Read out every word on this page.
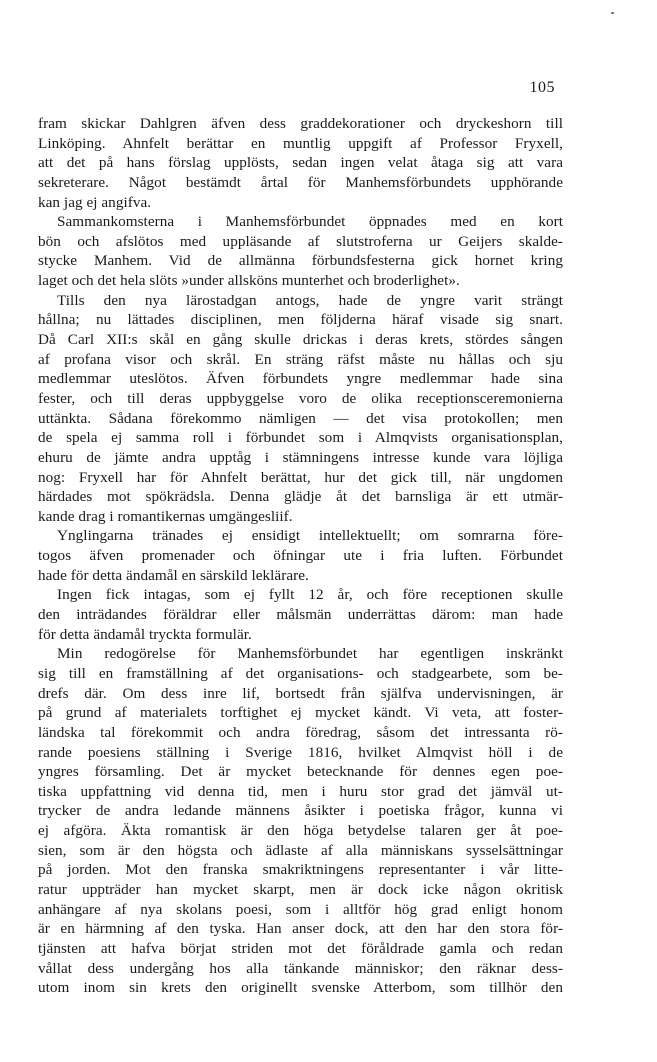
105
fram skickar Dahlgren äfven dess graddekorationer och dryckeshorn till
Linköping. Ahnfelt berättar en muntlig uppgift af Professor Fryxell,
att det på hans förslag upplösts, sedan ingen velat åtaga sig att vara
sekreterare. Något bestämdt årtal för Manhemsförbundets upphörande
kan jag ej angifva.
Sammankomsterna i Manhemsförbundet öppnades med en kort
bön och afslötos med uppläsande af slutstroferna ur Geijers skalde-
stycke Manhem. Vid de allmänna förbundsfesterna gick hornet kring
laget och det hela slöts »under allsköns munterhet och broderlighet».
Tills den nya lärostadgan antogs, hade de yngre varit strängt
hållna; nu lättades disciplinen, men följderna häraf visade sig snart.
Då Carl XII:s skål en gång skulle drickas i deras krets, stördes sången
af profana visor och skrål. En sträng räfst måste nu hållas och sju
medlemmar uteslötos. Äfven förbundets yngre medlemmar hade sina
fester, och till deras uppbyggelse voro de olika receptionsceremonierna
uttänkta. Sådana förekommo nämligen — det visa protokollen; men
de spela ej samma roll i förbundet som i Almqvists organisationsplan,
ehuru de jämte andra upptåg i stämningens intresse kunde vara löjliga
nog: Fryxell har för Ahnfelt berättat, hur det gick till, när ungdomen
härdades mot spökrädsla. Denna glädje åt det barnsliga är ett utmär-
kande drag i romantikernas umgängesliif.
Ynglingarna tränades ej ensidigt intellektuellt; om somrarna före-
togos äfven promenader och öfningar ute i fria luften. Förbundet
hade för detta ändamål en särskild leklärare.
Ingen fick intagas, som ej fyllt 12 år, och före receptionen skulle
den inträdandes föräldrar eller målsmän underrättas därom: man hade
för detta ändamål tryckta formulär.
Min redogörelse för Manhemsförbundet har egentligen inskränkt
sig till en framställning af det organisations- och stadgearbete, som be-
drefs där. Om dess inre lif, bortsedt från själfva undervisningen, är
på grund af materialets torftighet ej mycket kändt. Vi veta, att foster-
ländska tal förekommit och andra föredrag, såsom det intressanta rö-
rande poesiens ställning i Sverige 1816, hvilket Almqvist höll i de
yngres församling. Det är mycket betecknande för dennes egen poe-
tiska uppfattning vid denna tid, men i huru stor grad det jämväl ut-
trycker de andra ledande männens åsikter i poetiska frågor, kunna vi
ej afgöra. Äkta romantisk är den höga betydelse talaren ger åt poe-
sien, som är den högsta och ädlaste af alla människans sysselsättningar
på jorden. Mot den franska smakriktningens representanter i vår litte-
ratur uppträder han mycket skarpt, men är dock icke någon okritisk
anhängare af nya skolans poesi, som i alltför hög grad enligt honom
är en härmning af den tyska. Han anser dock, att den har den stora för-
tjänsten att hafva börjat striden mot det föråldrade gamla och redan
vållat dess undergång hos alla tänkande människor; den räknar dess-
utom inom sin krets den originellt svenske Atterbom, som tillhör den
